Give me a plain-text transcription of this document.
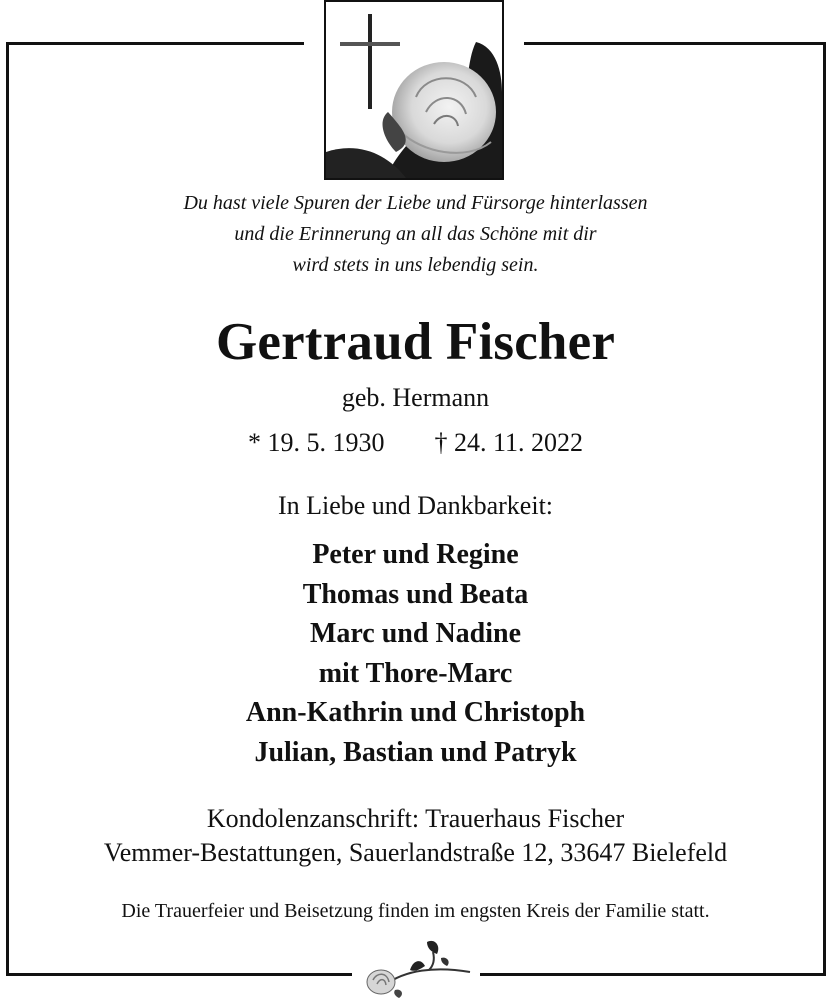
Du hast viele Spuren der Liebe und Fürsorge hinterlassen
und die Erinnerung an all das Schöne mit dir
wird stets in uns lebendig sein.
Gertraud Fischer
geb. Hermann
* 19. 5. 1930 † 24. 11. 2022
In Liebe und Dankbarkeit:
Peter und Regine
Thomas und Beata
Marc und Nadine
mit Thore-Marc
Ann-Kathrin und Christoph
Julian, Bastian und Patryk
Kondolenzanschrift: Trauerhaus Fischer
Vemmer-Bestattungen, Sauerlandstraße 12, 33647 Bielefeld
Die Trauerfeier und Beisetzung finden im engsten Kreis der Familie statt.
